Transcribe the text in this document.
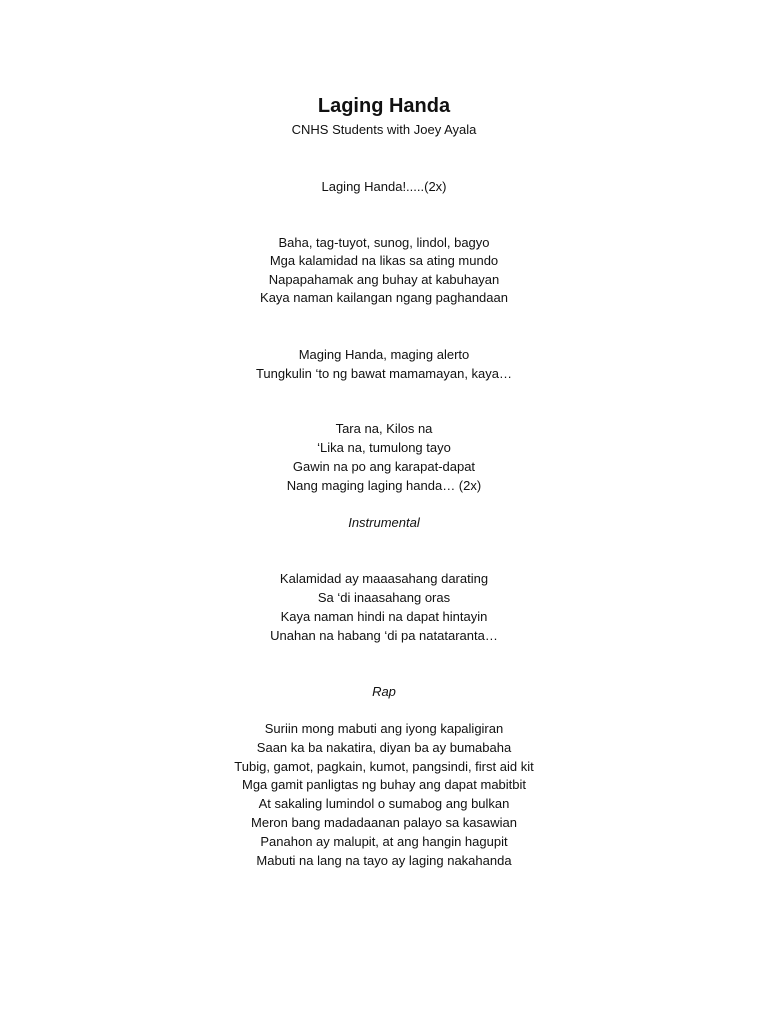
Laging Handa
CNHS Students with Joey Ayala
Laging Handa!.....(2x)
Baha, tag-tuyot, sunog, lindol, bagyo
Mga kalamidad na likas sa ating mundo
Napapahamak ang buhay at kabuhayan
Kaya naman kailangan ngang paghandaan
Maging Handa, maging alerto
Tungkulin ‘to ng bawat mamamayan, kaya…
Tara na, Kilos na
‘Lika na, tumulong tayo
Gawin na po ang karapat-dapat
Nang maging laging handa… (2x)
Instrumental
Kalamidad ay maaasahang darating
Sa ‘di inaasahang oras
Kaya naman hindi na dapat hintayin
Unahan na habang ‘di pa natataranta…
Rap
Suriin mong mabuti ang iyong kapaligiran
Saan ka ba nakatira, diyan ba ay bumabaha
Tubig, gamot, pagkain, kumot, pangsindi, first aid kit
Mga gamit panligtas ng buhay ang dapat mabitbit
At sakaling lumindol o sumabog ang bulkan
Meron bang madadaanan palayo sa kasawian
Panahon ay malupit, at ang hangin hagupit
Mabuti na lang na tayo ay laging nakahanda
